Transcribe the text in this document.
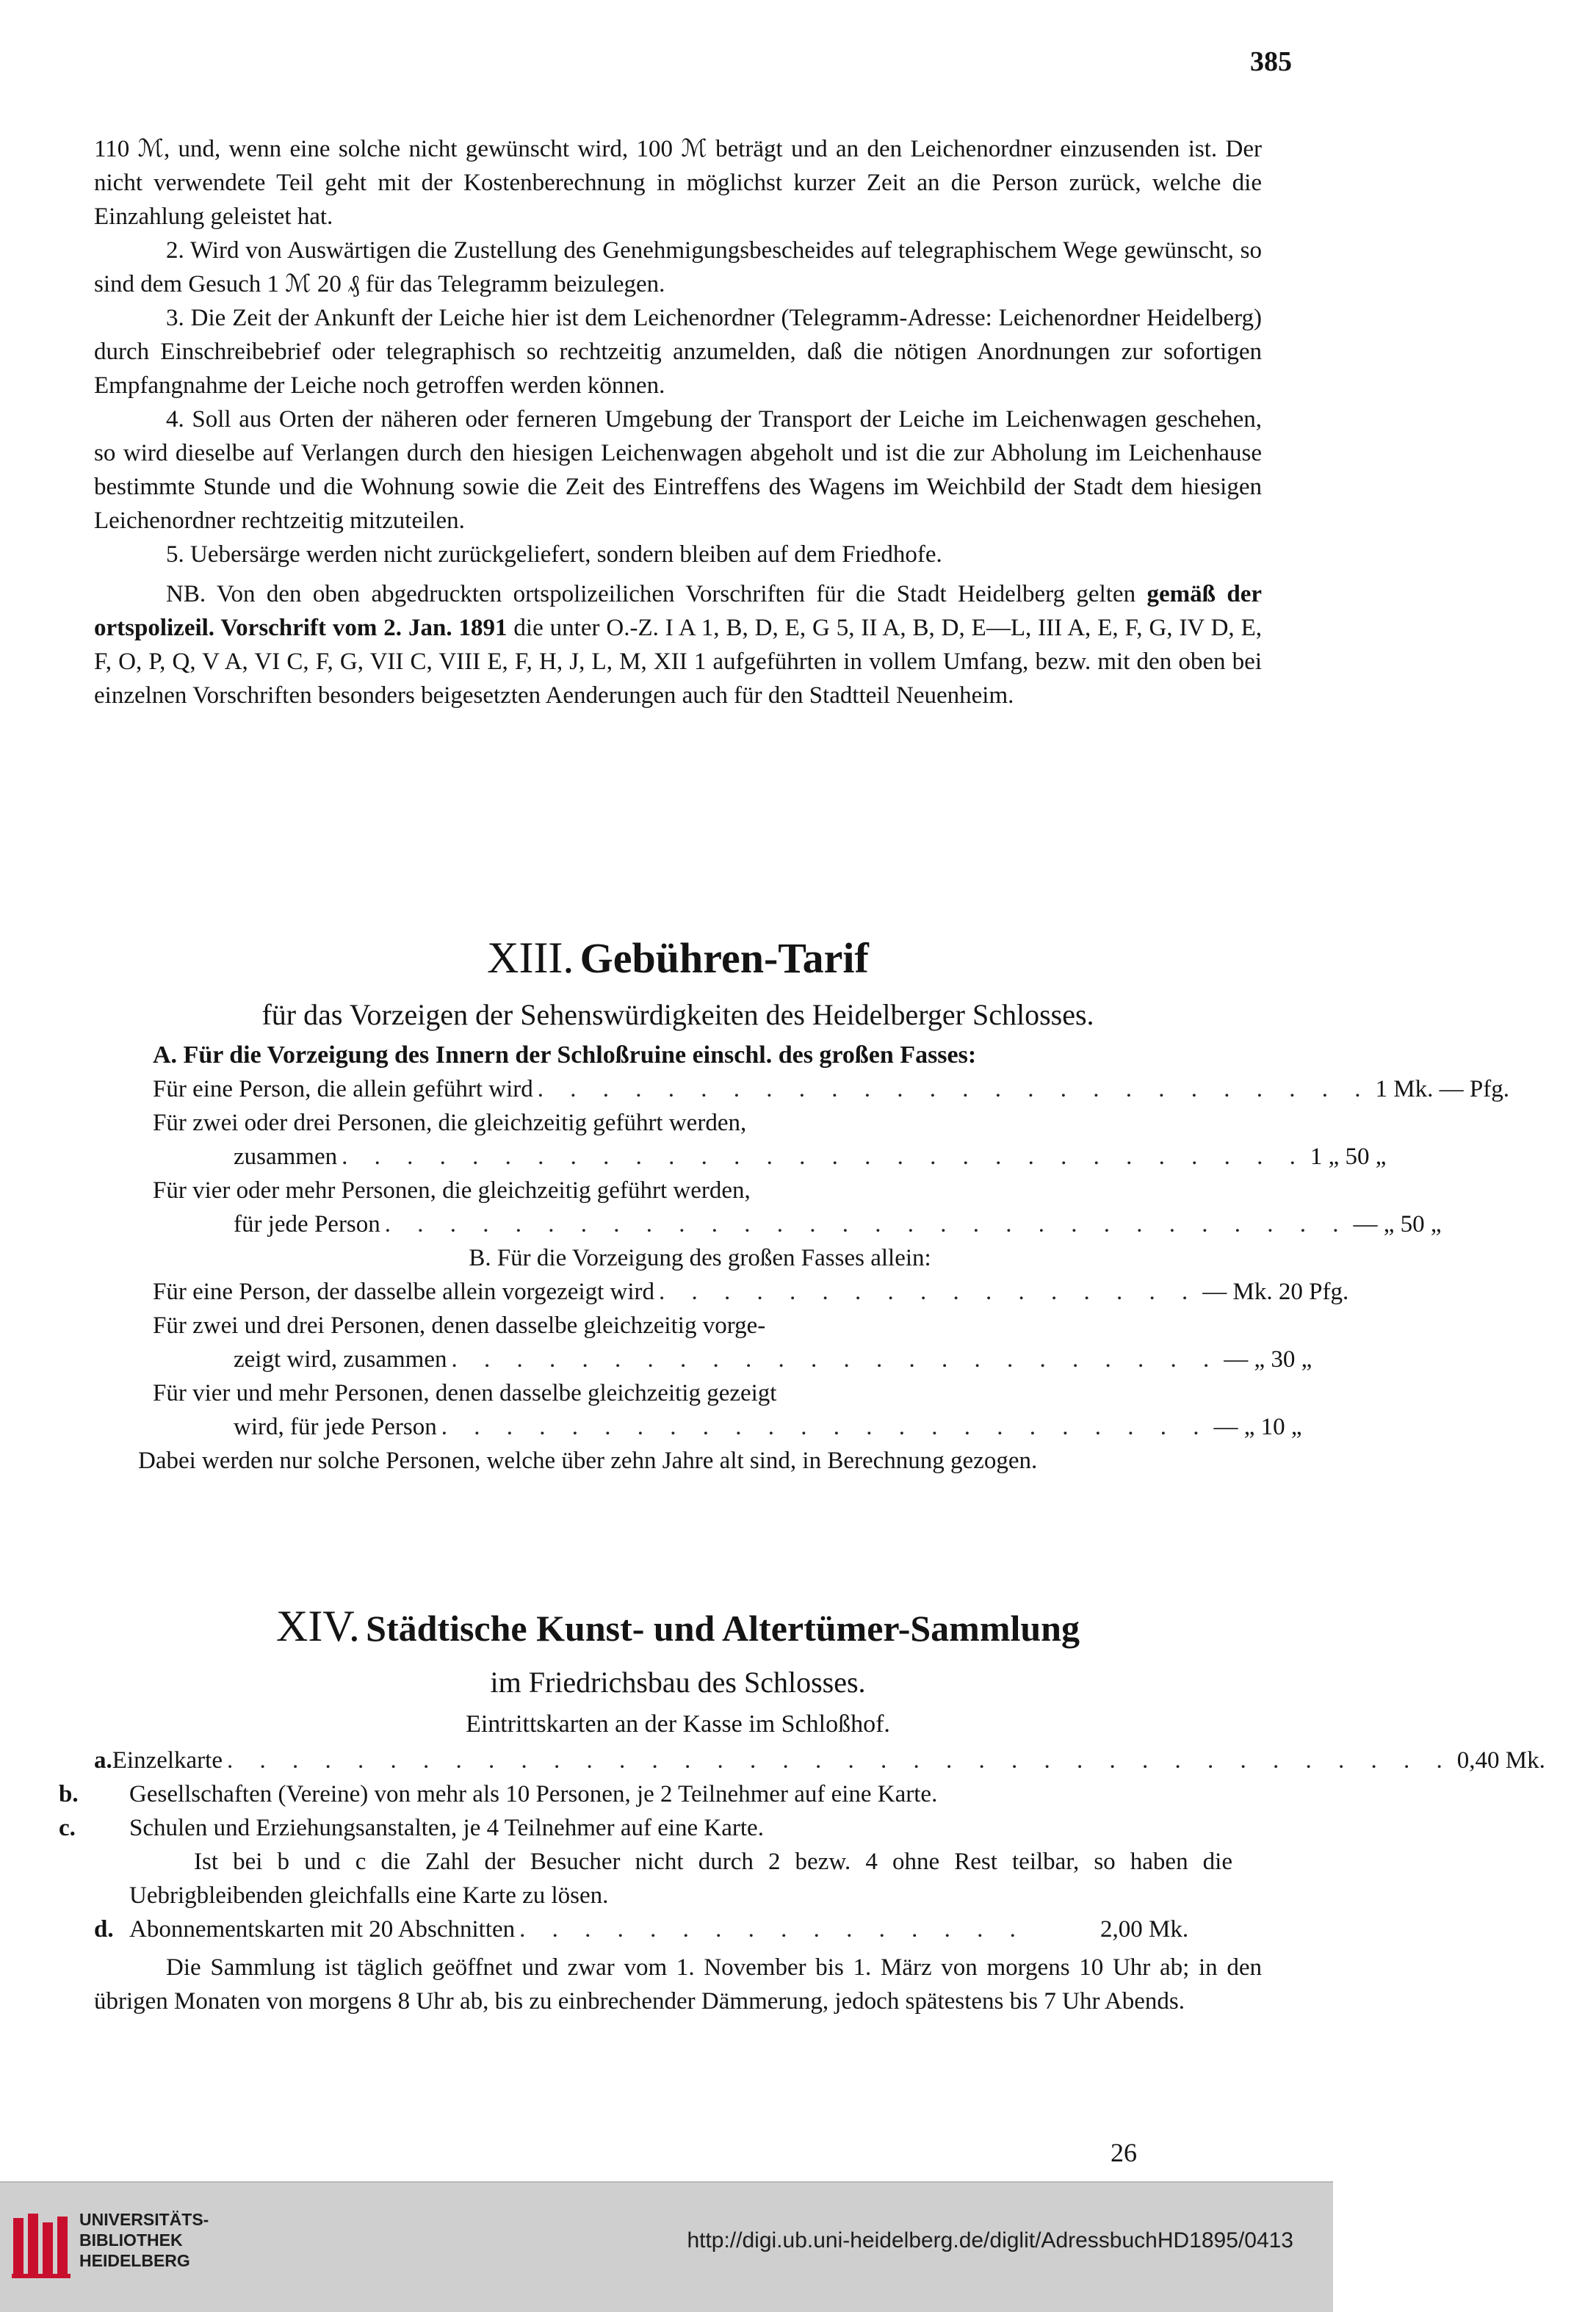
385

110 ℳ, und, wenn eine solche nicht gewünscht wird, 100 ℳ beträgt und an den Leichenordner einzusenden ist. Der nicht verwendete Teil geht mit der Kostenberechnung in möglichst kurzer Zeit an die Person zurück, welche die Einzahlung geleistet hat.

2. Wird von Auswärtigen die Zustellung des Genehmigungsbescheides auf telegraphischem Wege gewünscht, so sind dem Gesuch 1 ℳ 20 ₰ für das Telegramm beizulegen.

3. Die Zeit der Ankunft der Leiche hier ist dem Leichenordner (Telegramm-Adresse: Leichenordner Heidelberg) durch Einschreibebrief oder telegraphisch so rechtzeitig anzumelden, daß die nötigen Anordnungen zur sofortigen Empfangnahme der Leiche noch getroffen werden können.

4. Soll aus Orten der näheren oder ferneren Umgebung der Transport der Leiche im Leichenwagen geschehen, so wird dieselbe auf Verlangen durch den hiesigen Leichenwagen abgeholt und ist die zur Abholung im Leichenhause bestimmte Stunde und die Wohnung sowie die Zeit des Eintreffens des Wagens im Weichbild der Stadt dem hiesigen Leichenordner rechtzeitig mitzuteilen.

5. Uebersärge werden nicht zurückgeliefert, sondern bleiben auf dem Friedhofe.

NB. Von den oben abgedruckten ortspolizeilichen Vorschriften für die Stadt Heidelberg gelten gemäß der ortspolizeil. Vorschrift vom 2. Jan. 1891 die unter O.-Z. I A 1, B, D, E, G 5, II A, B, D, E—L, III A, E, F, G, IV D, E, F, O, P, Q, V A, VI C, F, G, VII C, VIII E, F, H, J, L, M, XII 1 aufgeführten in vollem Umfang, bezw. mit den oben bei einzelnen Vorschriften besonders beigesetzten Aenderungen auch für den Stadtteil Neuenheim.

XIII. Gebühren-Tarif
für das Vorzeigen der Sehenswürdigkeiten des Heidelberger Schlosses.
A. Für die Vorzeigung des Innern der Schloßruine einschl. des großen Fasses:
Für eine Person, die allein geführt wird . . . . . . . . . . . . . . . . . . . . . . . . . . 1 Mk. — Pfg.
Für zwei oder drei Personen, die gleichzeitig geführt werden,
zusammen . . . . . . . . . . . . . . . . . . . . . . . . . . . . . . 1 „ 50 „
Für vier oder mehr Personen, die gleichzeitig geführt werden,
für jede Person . . . . . . . . . . . . . . . . . . . . . . . . . . . . . . — „ 50 „
B. Für die Vorzeigung des großen Fasses allein:
Für eine Person, der dasselbe allein vorgezeigt wird . . . . . . . . . . . . . . . . . — Mk. 20 Pfg.
Für zwei und drei Personen, denen dasselbe gleichzeitig vorge-
zeigt wird, zusammen . . . . . . . . . . . . . . . . . . . . . . . . — „ 30 „
Für vier und mehr Personen, denen dasselbe gleichzeitig gezeigt
wird, für jede Person . . . . . . . . . . . . . . . . . . . . . . . . — „ 10 „

Dabei werden nur solche Personen, welche über zehn Jahre alt sind, in Berechnung gezogen.

XIV. Städtische Kunst- und Altertümer-Sammlung
im Friedrichsbau des Schlosses.
Eintrittskarten an der Kasse im Schloßhof.
a. Einzelkarte . . . . . . . . . . . . . . . . . . . . . . . . . . . . . . . . . . . . . . 0,40 Mk.

b. Gesellschaften (Vereine) von mehr als 10 Personen, je 2 Teilnehmer auf eine Karte.

c. Schulen und Erziehungsanstalten, je 4 Teilnehmer auf eine Karte.

Ist bei b und c die Zahl der Besucher nicht durch 2 bezw. 4 ohne Rest teilbar, so haben die Uebrigbleibenden gleichfalls eine Karte zu lösen.

d. Abonnementskarten mit 20 Abschnitten . . . . . . . . . . . . . . . .	2,00 Mk.

Die Sammlung ist täglich geöffnet und zwar vom 1. November bis 1. März von morgens 10 Uhr ab; in den übrigen Monaten von morgens 8 Uhr ab, bis zu einbrechender Dämmerung, jedoch spätestens bis 7 Uhr Abends.

26
UNIVERSITÄTS-
BIBLIOTHEK
HEIDELBERG
http://digi.ub.uni-heidelberg.de/diglit/AdressbuchHD1895/0413
